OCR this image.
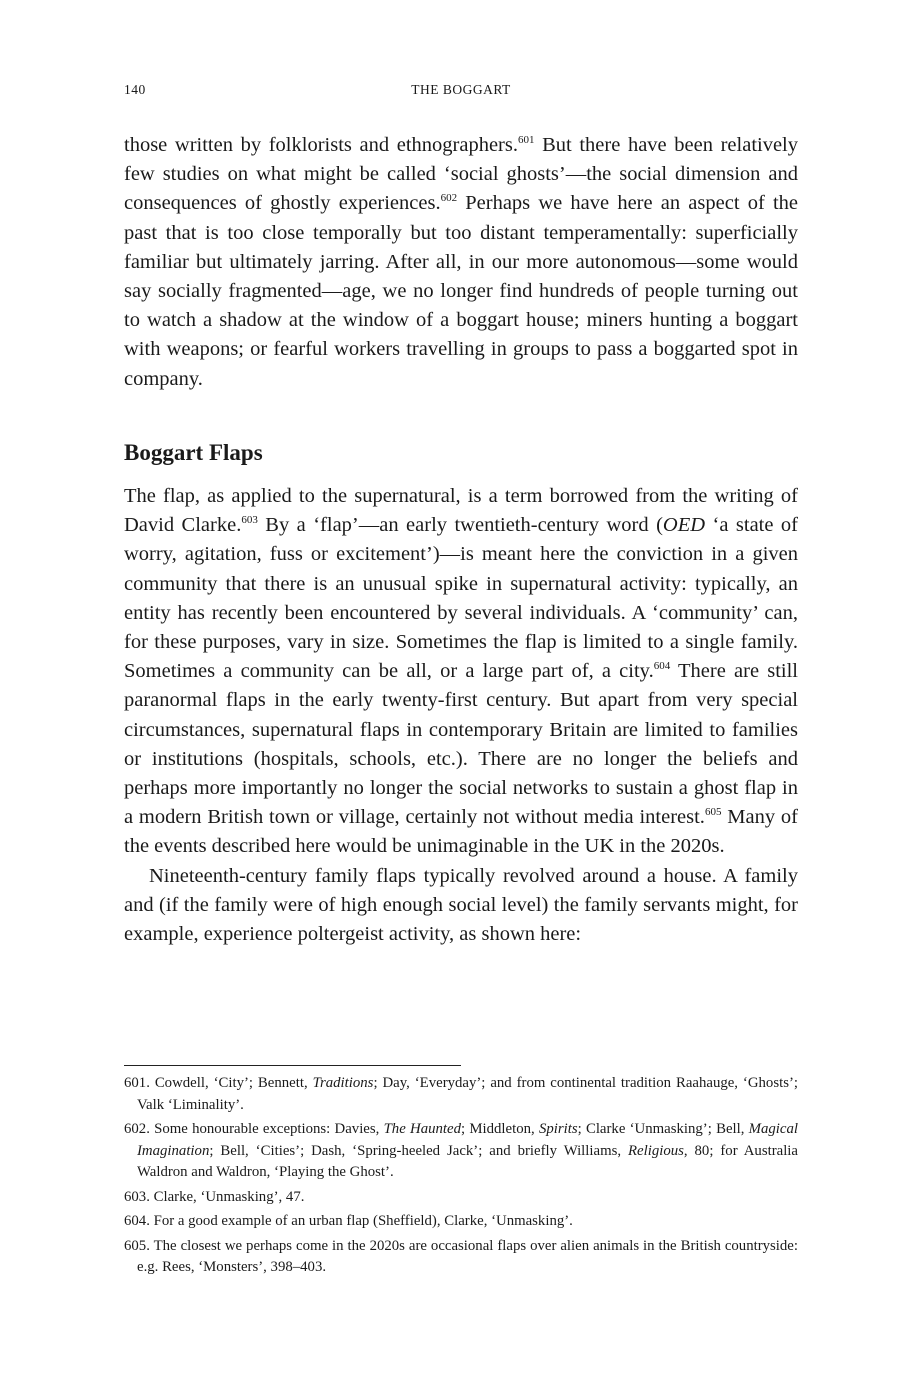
140	THE BOGGART

those written by folklorists and ethnographers.$^{601}$ But there have been relatively few studies on what might be called ‘social ghosts’—the social dimension and consequences of ghostly experiences.$^{602}$ Perhaps we have here an aspect of the past that is too close temporally but too distant temperamentally: superficially familiar but ultimately jarring. After all, in our more autonomous—some would say socially fragmented—age, we no longer find hundreds of people turning out to watch a shadow at the window of a boggart house; miners hunting a boggart with weapons; or fearful workers travelling in groups to pass a boggarted spot in company.

Boggart Flaps

The flap, as applied to the supernatural, is a term borrowed from the writing of David Clarke.$^{603}$ By a ‘flap’—an early twentieth-century word (OED ‘a state of worry, agitation, fuss or excitement’)—is meant here the conviction in a given community that there is an unusual spike in supernatural activity: typically, an entity has recently been encountered by several individuals. A ‘community’ can, for these purposes, vary in size. Sometimes the flap is limited to a single family. Sometimes a community can be all, or a large part of, a city.$^{604}$ There are still paranormal flaps in the early twenty-first century. But apart from very special circumstances, supernatural flaps in contemporary Britain are limited to families or institutions (hospitals, schools, etc.). There are no longer the beliefs and perhaps more importantly no longer the social networks to sustain a ghost flap in a modern British town or village, certainly not without media interest.$^{605}$ Many of the events described here would be unimaginable in the UK in the 2020s.

Nineteenth-century family flaps typically revolved around a house. A family and (if the family were of high enough social level) the family servants might, for example, experience poltergeist activity, as shown here:

601. Cowdell, ‘City’; Bennett, Traditions; Day, ‘Everyday’; and from continental tradition Raahauge, ‘Ghosts’; Valk ‘Liminality’.

602. Some honourable exceptions: Davies, The Haunted; Middleton, Spirits; Clarke ‘Unmasking’; Bell, Magical Imagination; Bell, ‘Cities’; Dash, ‘Spring-heeled Jack’; and briefly Williams, Religious, 80; for Australia Waldron and Waldron, ‘Playing the Ghost’.

603. Clarke, ‘Unmasking’, 47.

604. For a good example of an urban flap (Sheffield), Clarke, ‘Unmasking’.

605. The closest we perhaps come in the 2020s are occasional flaps over alien animals in the British countryside: e.g. Rees, ‘Monsters’, 398–403.
